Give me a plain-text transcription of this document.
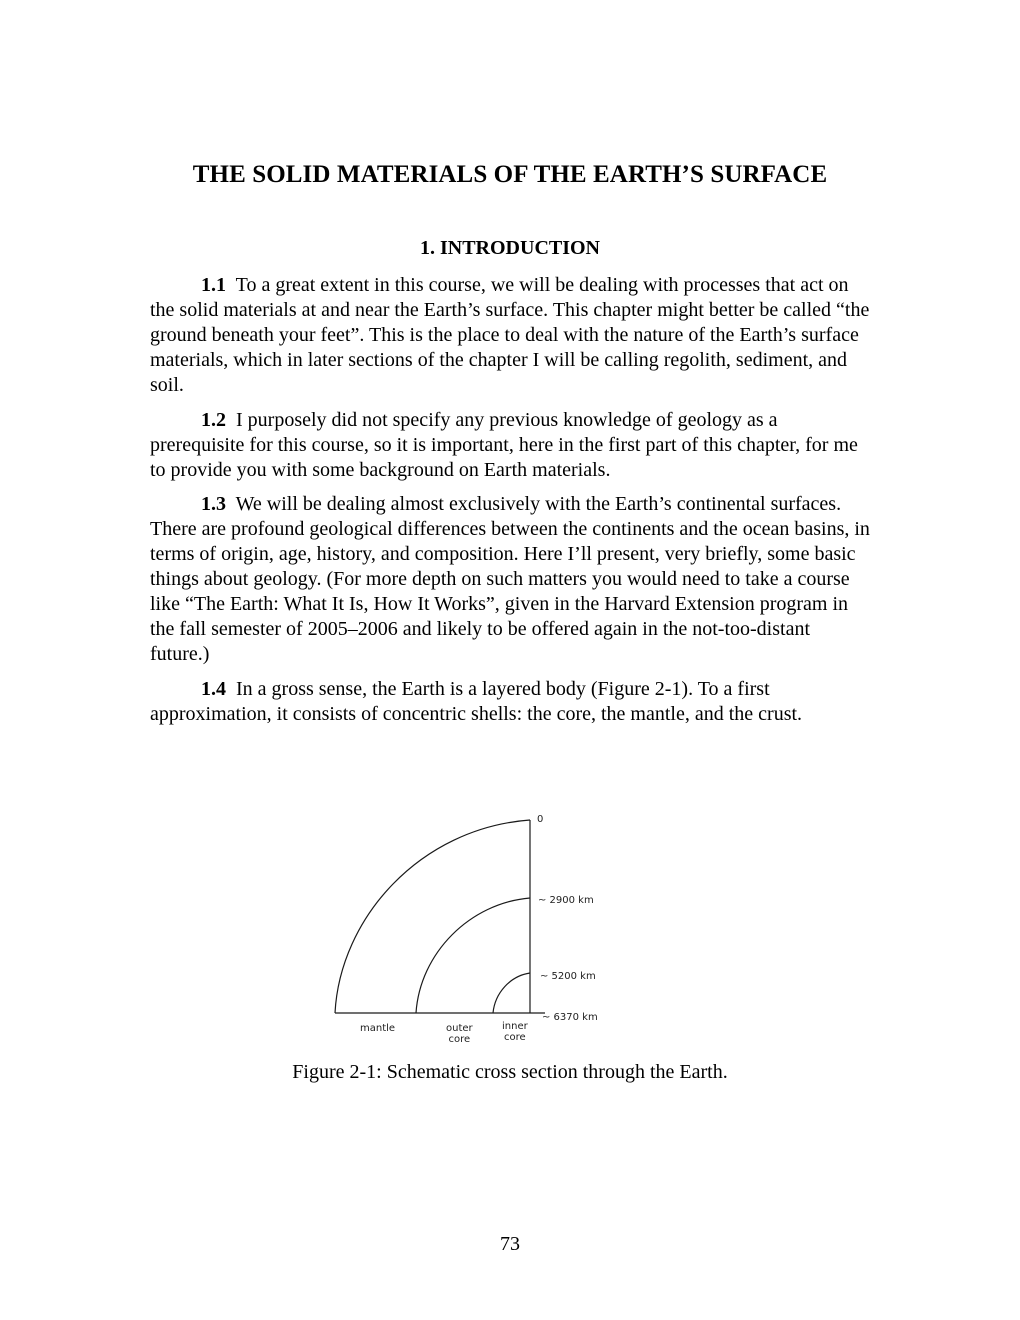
THE SOLID MATERIALS OF THE EARTH’S SURFACE
1. INTRODUCTION

1.1 To a great extent in this course, we will be dealing with processes that act on the solid materials at and near the Earth’s surface. This chapter might better be called “the ground beneath your feet”. This is the place to deal with the nature of the Earth’s surface materials, which in later sections of the chapter I will be calling regolith, sediment, and soil.

1.2 I purposely did not specify any previous knowledge of geology as a prerequisite for this course, so it is important, here in the first part of this chapter, for me to provide you with some background on Earth materials.

1.3 We will be dealing almost exclusively with the Earth’s continental surfaces. There are profound geological differences between the continents and the ocean basins, in terms of origin, age, history, and composition. Here I’ll present, very briefly, some basic things about geology. (For more depth on such matters you would need to take a course like “The Earth: What It Is, How It Works”, given in the Harvard Extension program in the fall semester of 2005–2006 and likely to be offered again in the not-too-distant future.)

1.4 In a gross sense, the Earth is a layered body (Figure 2-1). To a first approximation, it consists of concentric shells: the core, the mantle, and the crust.

0
~ 2900 km
~ 5200 km
~ 6370 km
mantle	outer
core
inner
core
Figure 2-1: Schematic cross section through the Earth.
73
